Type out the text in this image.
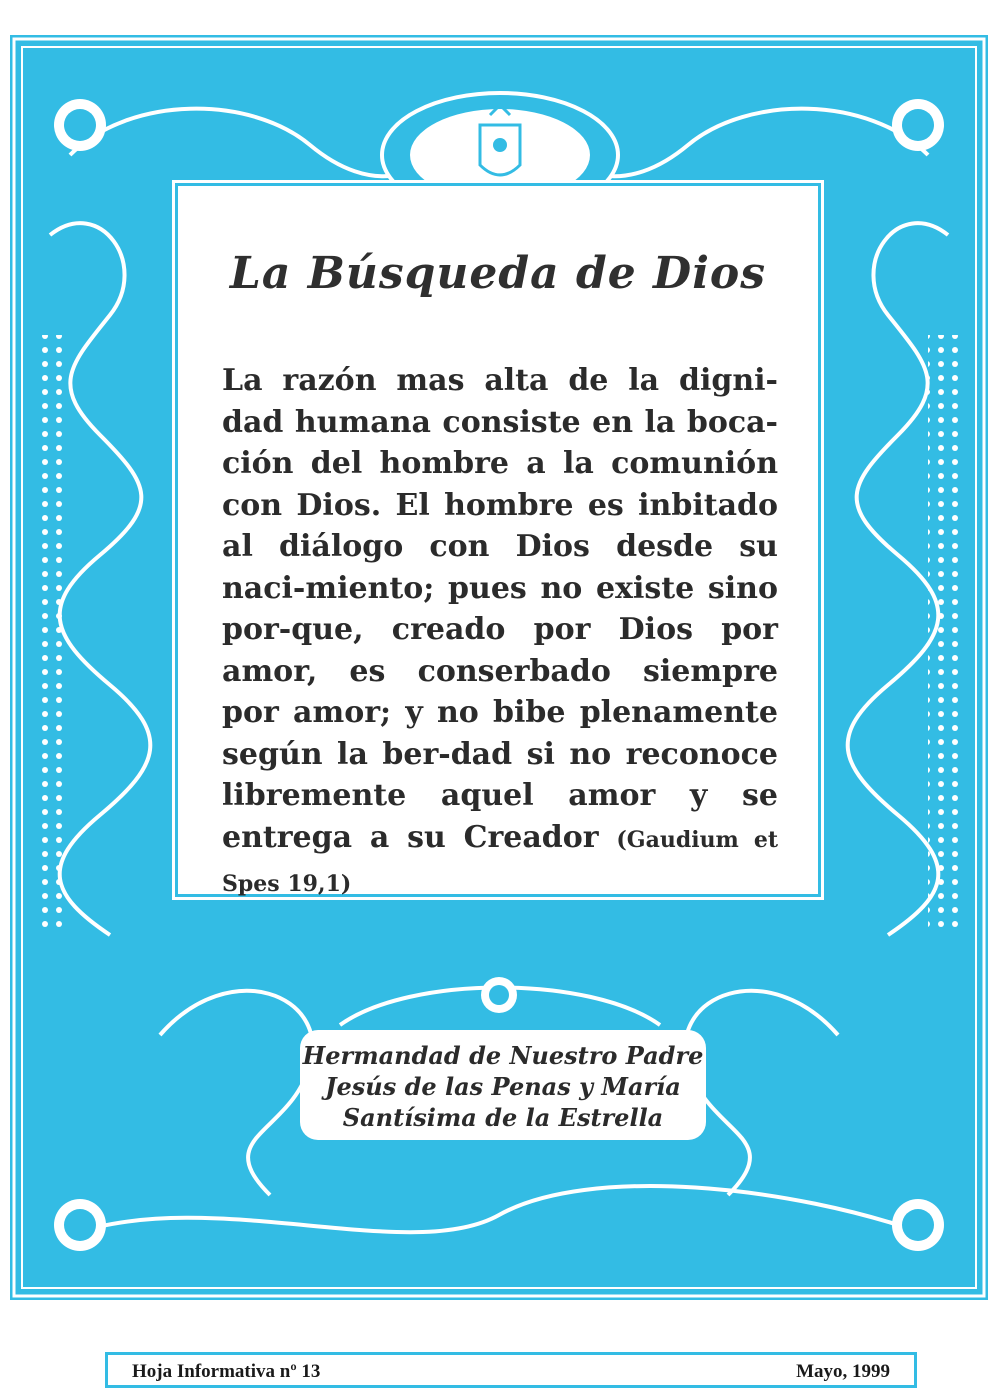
La Búsqueda de Dios
La razón mas alta de la digni-dad humana consiste en la boca-ción del hombre a la comunión con Dios. El hombre es inbitado al diálogo con Dios desde su naci-miento; pues no existe sino por-que, creado por Dios por amor, es conserbado siempre por amor; y no bibe plenamente según la ber-dad si no reconoce libremente aquel amor y se entrega a su Creador (Gaudium et Spes 19,1)
Hermandad de Nuestro Padre
Jesús de las Penas y María
Santísima de la Estrella
Hoja Informativa nº 13	Mayo, 1999
